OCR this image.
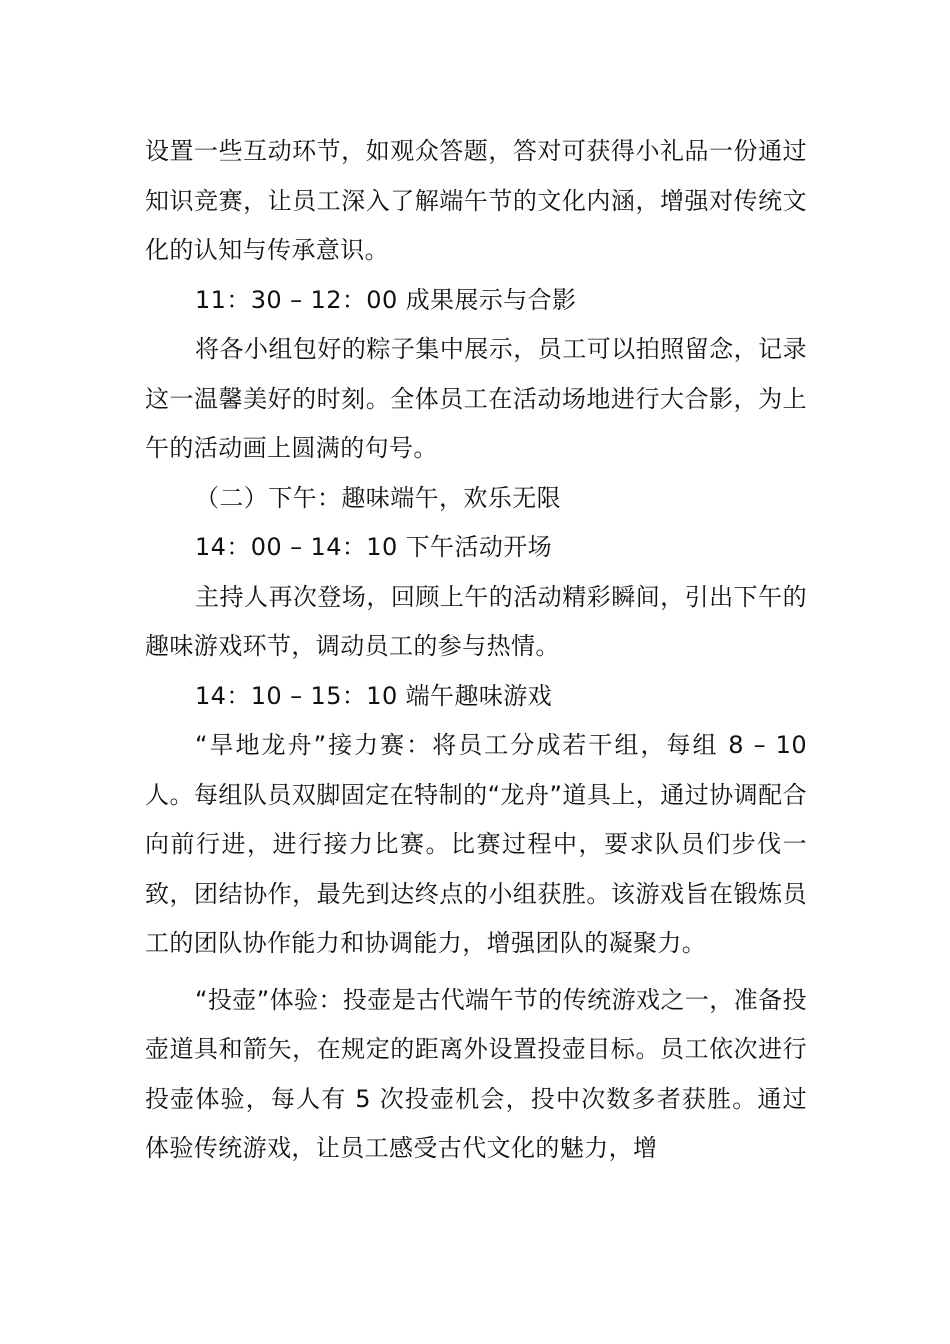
设置一些互动环节，如观众答题，答对可获得小礼品一份通过知识竞赛，让员工深入了解端午节的文化内涵，增强对传统文化的认知与传承意识。

11：30 – 12：00 成果展示与合影

将各小组包好的粽子集中展示，员工可以拍照留念，记录这一温馨美好的时刻。全体员工在活动场地进行大合影，为上午的活动画上圆满的句号。

（二）下午：趣味端午，欢乐无限

14：00 – 14：10 下午活动开场

主持人再次登场，回顾上午的活动精彩瞬间，引出下午的趣味游戏环节，调动员工的参与热情。

14：10 – 15：10 端午趣味游戏

“旱地龙舟”接力赛：将员工分成若干组，每组 8 – 10 人。每组队员双脚固定在特制的“龙舟”道具上，通过协调配合向前行进，进行接力比赛。比赛过程中，要求队员们步伐一致，团结协作，最先到达终点的小组获胜。该游戏旨在锻炼员工的团队协作能力和协调能力，增强团队的凝聚力。

“投壶”体验：投壶是古代端午节的传统游戏之一，准备投壶道具和箭矢，在规定的距离外设置投壶目标。员工依次进行投壶体验，每人有 5 次投壶机会，投中次数多者获胜。通过体验传统游戏，让员工感受古代文化的魅力，增
